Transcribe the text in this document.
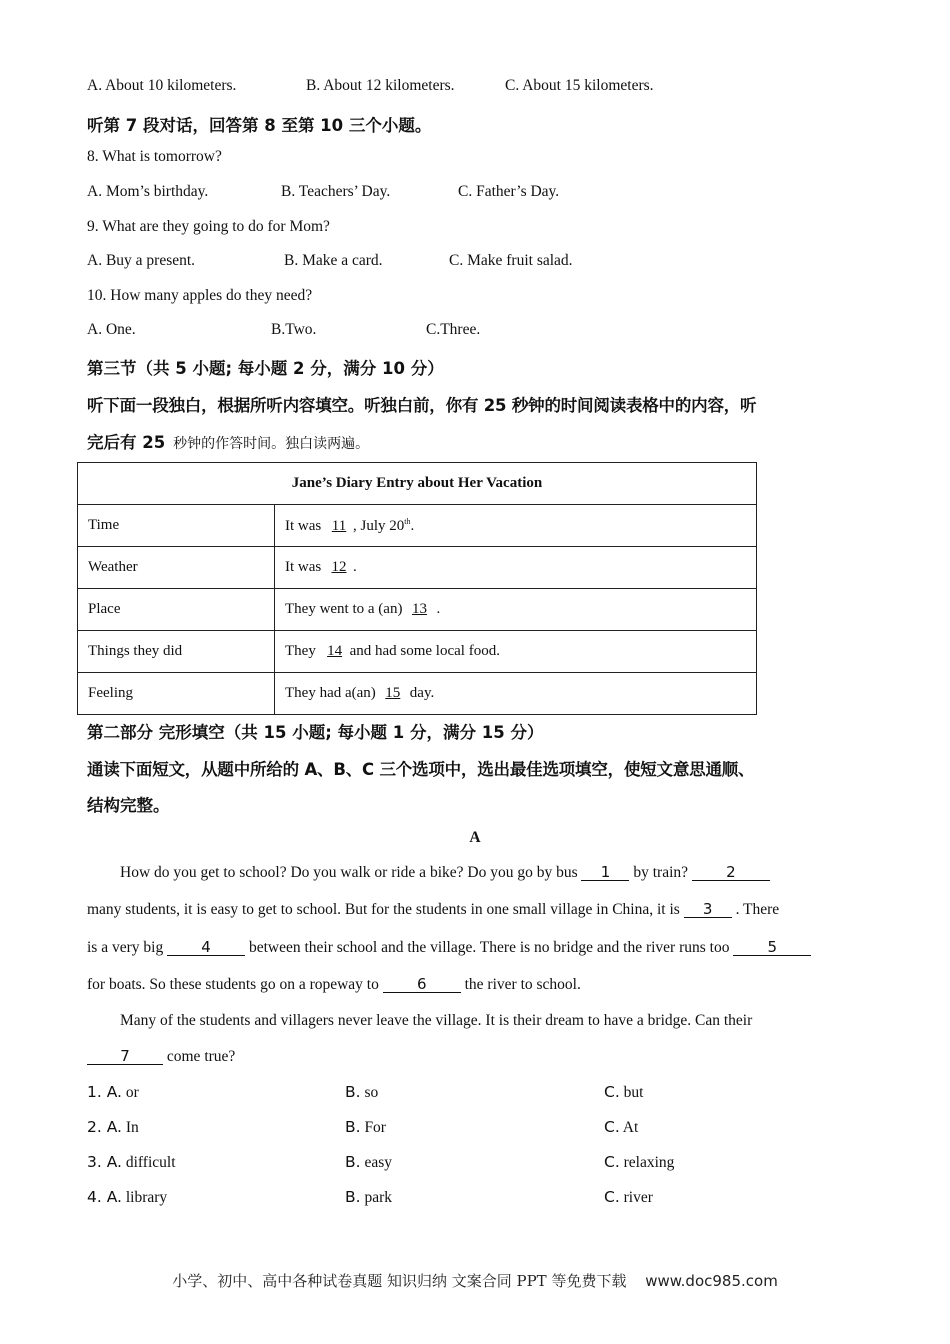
A. About 10 kilometers.	B. About 12 kilometers.	C. About 15 kilometers.
听第 7 段对话，回答第 8 至第 10 三个小题。
8. What is tomorrow?
A. Mom’s birthday.	B. Teachers’ Day.	C. Father’s Day.
9. What are they going to do for Mom?
A. Buy a present.	B. Make a card.	C. Make fruit salad.
10. How many apples do they need?
A. One.	B.Two.	C.Three.
第三节（共 5 小题; 每小题 2 分，满分 10 分）
听下面一段独白，根据所听内容填空。听独白前，你有 25 秒钟的时间阅读表格中的内容，听
完后有 25 秒钟的作答时间。独白读两遍。
Jane’s Diary Entry about Her Vacation	
Time	It was 11 , July 20th.
Weather	It was 12 .
Place	They went to a (an) 13 .
Things they did	They 14 and had some local food.
Feeling	They had a(an) 15 day.
第二部分 完形填空（共 15 小题; 每小题 1 分，满分 15 分）
通读下面短文，从题中所给的 A、B、C 三个选项中，选出最佳选项填空，使短文意思通顺、
结构完整。
A
How do you get to school? Do you walk or ride a bike? Do you go by bus 1 by train? 2
many students, it is easy to get to school. But for the students in one small village in China, it is 3 . There
is a very big 4 between their school and the village. There is no bridge and the river runs too 5
for boats. So these students go on a ropeway to 6 the river to school.
Many of the students and villagers never leave the village. It is their dream to have a bridge. Can their
7 come true?
1. A. or	B. so	C. but
2. A. In	B. For	C. At
3. A. difficult	B. easy	C. relaxing
4. A. library	B. park	C. river
小学、初中、高中各种试卷真题 知识归纳 文案合同 PPT 等免费下载 www.doc985.com
